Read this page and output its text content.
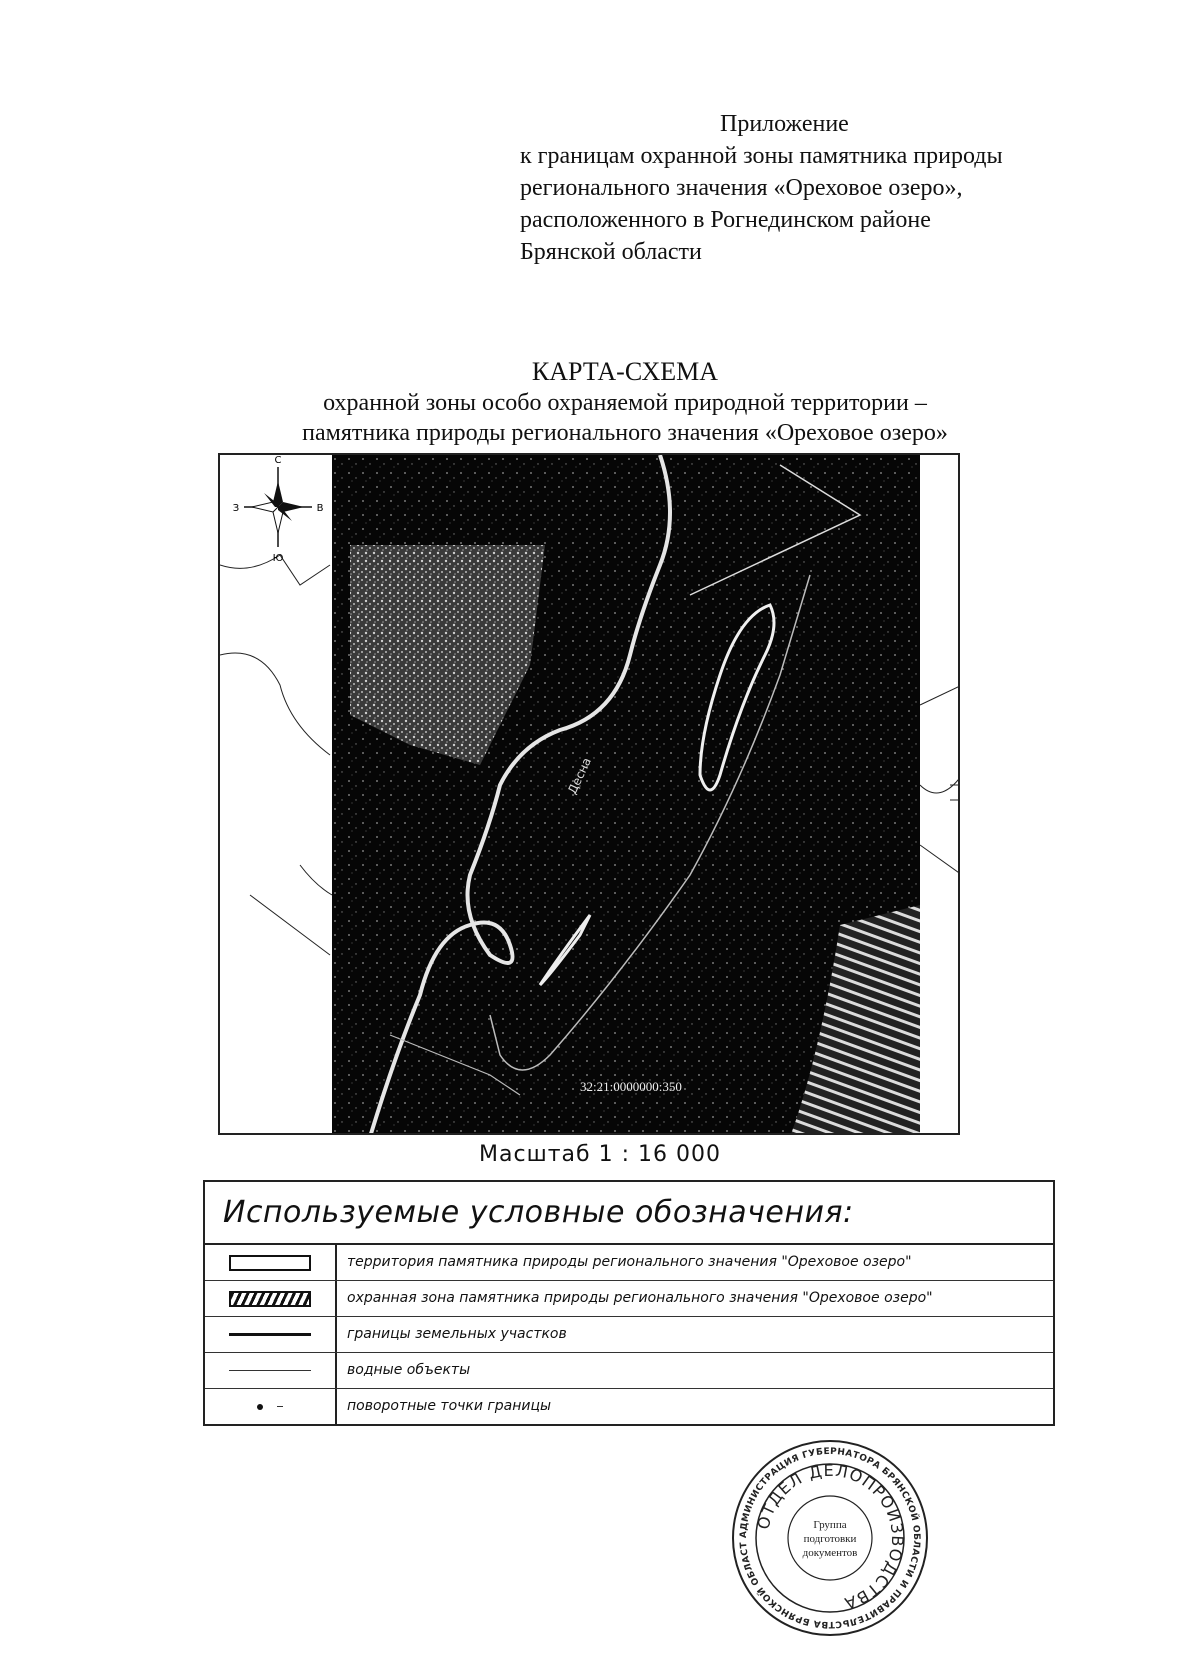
Приложение
к границам охранной зоны памятника природы
регионального значения «Ореховое озеро»,
расположенного в Рогнединском районе
Брянской области
КАРТА-СХЕМА
охранной зоны особо охраняемой природной территории –
памятника природы регионального значения «Ореховое озеро»
С
Ю
З	В
Десна
32:21:0000000:350
Масштаб 1 : 16 000
Используемые условные обозначения:
территория памятника природы регионального значения "Ореховое озеро"
охранная зона памятника природы регионального значения "Ореховое озеро"
границы земельных участков
водные объекты
поворотные точки границы
АДМИНИСТРАЦИЯ ГУБЕРНАТОРА БРЯНСКОЙ ОБЛАСТИ И ПРАВИТЕЛЬСТВА БРЯНСКОЙ ОБЛАСТ
ОТДЕЛ ДЕЛОПРОИЗВОДСТВА
Группа
подготовки
документов
